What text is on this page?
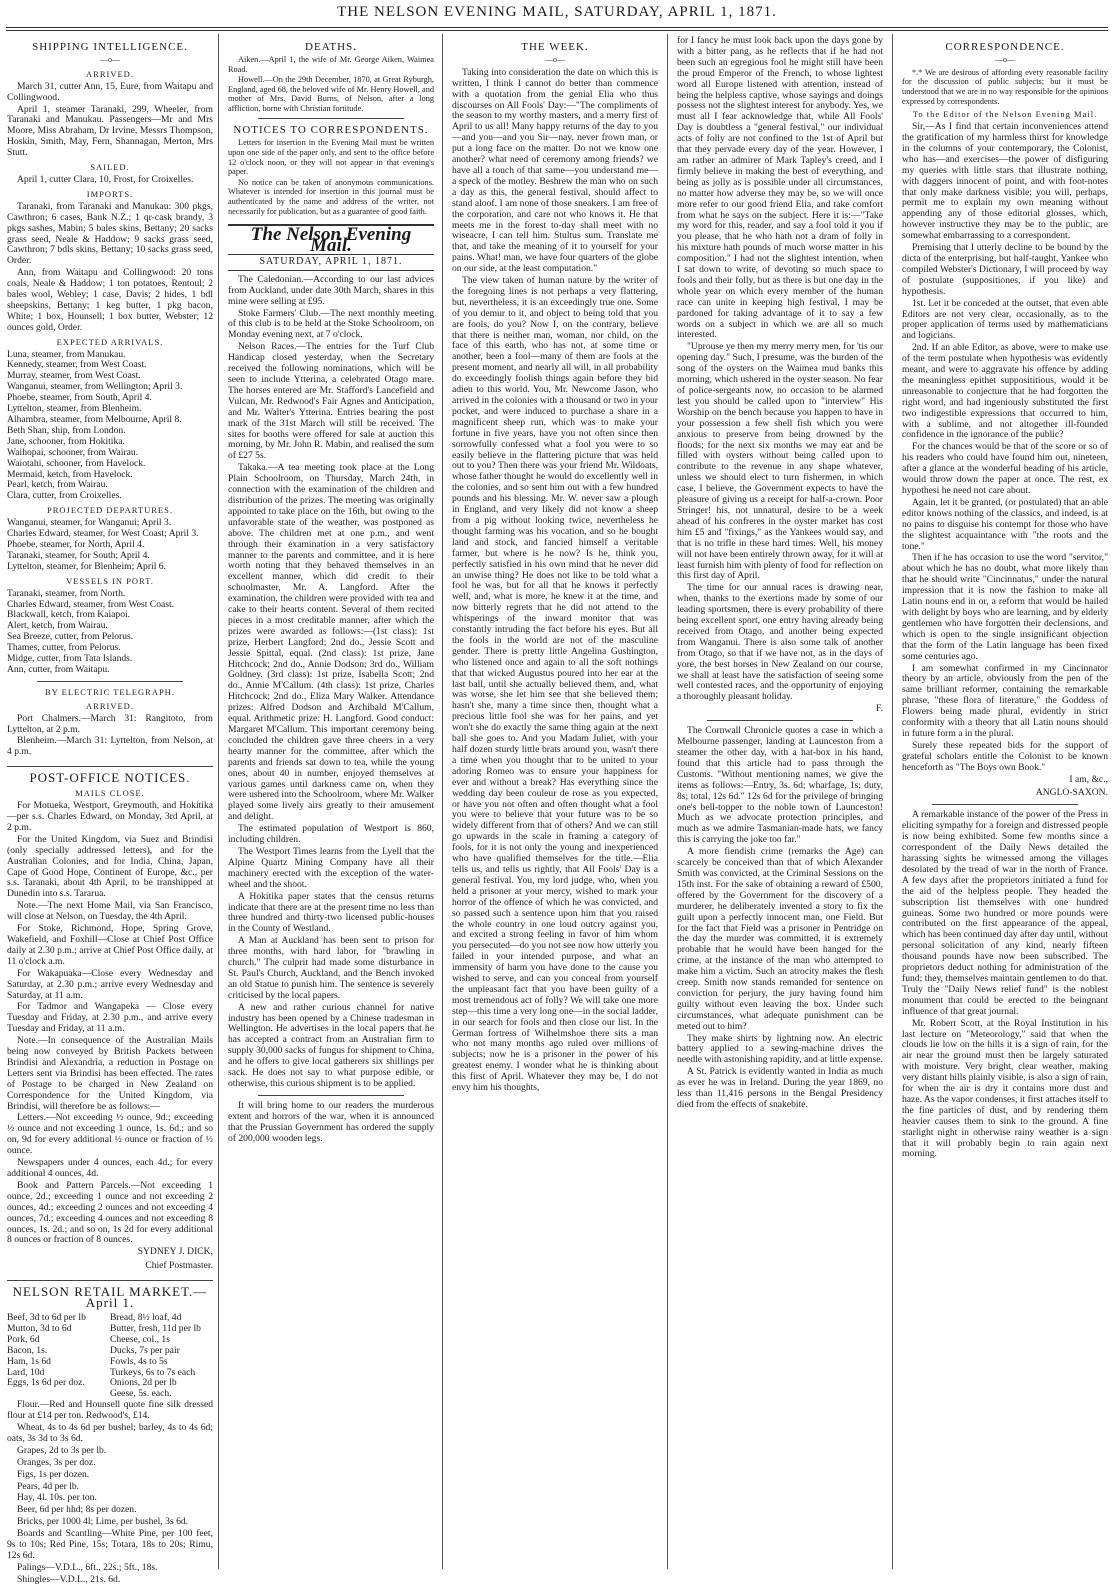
THE NELSON EVENING MAIL, SATURDAY, APRIL 1, 1871.
SHIPPING INTELLIGENCE.
—o—
ARRIVED.
March 31, cutter Ann, 15, Eure, from Waitapu and Collingwood.
April 1, steamer Taranaki, 299, Wheeler, from Taranaki and Manukau. Passengers—Mr and Mrs Moore, Miss Abraham, Dr Irvine, Messrs Thompson, Hoskin, Smith, May, Fern, Shannagan, Merton, Mrs Stutt.
SAILED.
April 1, cutter Clara, 10, Frost, for Croixelles.
IMPORTS.
Taranaki, from Taranaki and Manukau: 300 pkgs, Cawthron; 6 cases, Bank N.Z.; 1 qr-cask brandy, 3 pkgs sashes, Mabin; 5 bales skins, Bettany; 20 sacks grass seed, Neale & Haddow; 9 sacks grass seed, Cawthron; 7 bdls skins, Bettany; 10 sacks grass seed, Order.
Ann, from Waitapu and Collingwood: 20 tons coals, Neale & Haddow; 1 ton potatoes, Rentoul; 2 bales wool, Webley; 1 case, Davis; 2 hides, 1 bdl sheepskins, Bettany; 1 keg butter, 1 pkg bacon, White; 1 box, Hounsell; 1 box butter, Webster; 12 ounces gold, Order.
EXPECTED ARRIVALS.
Luna, steamer, from Manukau.
Kennedy, steamer, from West Coast.
Murray, steamer, from West Coast.
Wanganui, steamer, from Wellington; April 3.
Phoebe, steamer, from South, April 4.
Lyttelton, steamer, from Blenheim.
Alhambra, steamer, from Melbourne, April 8.
Beth Shan, ship, from London.
Jane, schooner, from Hokitika.
Waihopai, schooner, from Wairau.
Waiotahi, schooner, from Havelock.
Mermaid, ketch, from Havelock.
Pearl, ketch, from Wairau.
Clara, cutter, from Croixelles.
PROJECTED DEPARTURES.
Wanganui, steamer, for Wanganui; April 3.
Charles Edward, steamer, for West Coast; April 3.
Phoebe, steamer, for North, April 4.
Taranaki, steamer, for South; April 4.
Lyttelton, steamer, for Blenheim; April 6.
VESSELS IN PORT.
Taranaki, steamer, from North.
Charles Edward, steamer, from West Coast.
Blackwall, ketch, from Kaiapoi.
Alert, ketch, from Wairau.
Sea Breeze, cutter, from Pelorus.
Thames, cutter, from Pelorus.
Midge, cutter, from Tata Islands.
Ann, cutter, from Waitapu.
BY ELECTRIC TELEGRAPH.
ARRIVED.
Port Chalmers.—March 31: Rangitoto, from Lyttelton, at 2 p.m.
Blenheim.—March 31: Lyttelton, from Nelson, at 4 p.m.
POST-OFFICE NOTICES.
MAILS CLOSE.
For Motueka, Westport, Greymouth, and Hokitika—per s.s. Charles Edward, on Monday, 3rd April, at 2 p.m.
For the United Kingdom, via Suez and Brindisi (only specially addressed letters), and for the Australian Colonies, and for India, China, Japan, Cape of Good Hope, Continent of Europe, &c., per s.s. Taranaki, about 4th April, to be transhipped at Dunedin into s.s. Tararua.
Note.—The next Home Mail, via San Francisco, will close at Nelson, on Tuesday, the 4th April.
For Stoke, Richmond, Hope, Spring Grove, Wakefield, and Foxhill—Close at Chief Post Office daily at 2.30 p.m.; arrive at Chief Post Office daily, at 11 o'clock a.m.
For Wakapuaka—Close every Wednesday and Saturday, at 2.30 p.m.; arrive every Wednesday and Saturday, at 11 a.m.
For Tadmor and Wangapeka — Close every Tuesday and Friday, at 2.30 p.m., and arrive every Tuesday and Friday, at 11 a.m.
Note.—In consequence of the Australian Mails being now conveyed by British Packets between Brindisi and Alexandria, a reduction in Postage on Letters sent via Brindisi has been effected. The rates of Postage to be charged in New Zealand on Correspondence for the United Kingdom, via Brindisi, will therefore be as follows:—
Letters.—Not exceeding ½ ounce, 9d.; exceeding ½ ounce and not exceeding 1 ounce, 1s. 6d.; and so on, 9d for every additional ½ ounce or fraction of ½ ounce.
Newspapers under 4 ounces, each 4d.; for every additional 4 ounces, 4d.
Book and Pattern Parcels.—Not exceeding 1 ounce, 2d.; exceeding 1 ounce and not exceeding 2 ounces, 4d.; exceeding 2 ounces and not exceeding 4 ounces, 7d.; exceeding 4 ounces and not exceeding 8 ounces, 1s. 2d.; and so on, 1s 2d for every additional 8 ounces or fraction of 8 ounces.
SYDNEY J. DICK,
Chief Postmaster.
NELSON RETAIL MARKET.—April 1.
Beef, 3d to 6d per lb
Mutton, 3d to 6d
Pork, 6d
Bacon, 1s.
Ham, 1s 6d
Lard, 10d
Eggs, 1s 6d per doz.
Bread, 8½ loaf, 4d
Butter, fresh, 11d per lb
Cheese, col., 1s
Ducks, 7s per pair
Fowls, 4s to 5s
Turkeys, 6s to 7s each
Onions, 2d per lb
Geese, 5s. each.
Flour.—Red and Hounsell quote fine silk dressed flour at £14 per ton. Redwood's, £14.
Wheat, 4s to 4s 6d per bushel; barley, 4s to 4s 6d; oats, 3s 3d to 3s 6d.
Grapes, 2d to 3s per lb.
Oranges, 3s per doz.
Figs, 1s per dozen.
Pears, 4d per lb.
Hay, 4l. 10s. per ton.
Beer, 6d per hhd; 8s per dozen.
Bricks, per 1000 4l; Lime, per bushel, 3s 6d.
Boards and Scantling—White Pine, per 100 feet, 9s to 10s; Red Pine, 15s; Totara, 18s to 20s; Rimu, 12s 6d.
Palings—V.D.L., 6ft., 22s.; 5ft., 18s.
Shingles—V.D.L., 21s. 6d.
DEATHS.
Aiken.—April 1, the wife of Mr. George Aiken, Waimea Road.
Howell.—On the 29th December, 1870, at Great Ryburgh, England, aged 68, the beloved wife of Mr. Henry Howell, and mother of Mrs. David Burns, of Nelson, after a long affliction, borne with Christian fortitude.
NOTICES TO CORRESPONDENTS.
Letters for insertion in the Evening Mail must be written upon one side of the paper only, and sent to the office before 12 o'clock noon, or they will not appear in that evening's paper.
No notice can be taken of anonymous communications. Whatever is intended for insertion in this journal must be authenticated by the name and address of the writer, not necessarily for publication, but as a guarantee of good faith.
The Nelson Evening Mail.
SATURDAY, APRIL 1, 1871.
The Caledonian.—According to our last advices from Auckland, under date 30th March, shares in this mine were selling at £95.
Stoke Farmers' Club.—The next monthly meeting of this club is to be held at the Stoke Schoolroom, on Monday evening next, at 7 o'clock.
Nelson Races.—The entries for the Turf Club Handicap closed yesterday, when the Secretary received the following nominations, which will be seen to include Ytterina, a celebrated Otago mare. The horses entered are Mr. Stafford's Lancefield and Vulcan, Mr. Redwood's Fair Agnes and Anticipation, and Mr. Walter's Ytterina. Entries bearing the post mark of the 31st March will still be received. The sites for booths were offered for sale at auction this morning, by Mr. John R. Mabin, and realised the sum of £27 5s.
Takaka.—A tea meeting took place at the Long Plain Schoolroom, on Thursday, March 24th, in connection with the examination of the children and distribution of the prizes. The meeting was originally appointed to take place on the 16th, but owing to the unfavorable state of the weather, was postponed as above. The children met at one p.m., and went through their examination in a very satisfactory manner to the parents and committee, and it is here worth noting that they behaved themselves in an excellent manner, which did credit to their schoolmaster, Mr. A. Langford. After the examination, the children were provided with tea and cake to their hearts content. Several of them recited pieces in a most creditable manner, after which the prizes were awarded as follows:—(1st class): 1st prize, Herbert Langford; 2nd do., Jessie Scott and Jessie Spittal, equal. (2nd class): 1st prize, Jane Hitchcock; 2nd do., Annie Dodson; 3rd do., William Goldney. (3rd class): 1st prize, Isabella Scott; 2nd do., Annie M'Callum. (4th class): 1st prize, Charles Hitchcock; 2nd do., Eliza Mary Walker. Attendance prizes: Alfred Dodson and Archibald M'Callum, equal. Arithmetic prize: H. Langford. Good conduct: Margaret M'Callum. This important ceremony being concluded the children gave three cheers in a very hearty manner for the committee, after which the parents and friends sat down to tea, while the young ones, about 40 in number, enjoyed themselves at various games until darkness came on, when they were ushered into the Schoolroom, where Mr. Walker played some lively airs greatly to their amusement and delight.
The estimated population of Westport is 860, including children.
The Westport Times learns from the Lyell that the Alpine Quartz Mining Company have all their machinery erected with the exception of the water-wheel and the shoot.
A Hokitika paper states that the census returns indicate that there are at the present time no less than three hundred and thirty-two licensed public-houses in the County of Westland.
A Man at Auckland has been sent to prison for three months, with hard labor, for "brawling in church." The culprit had made some disturbance in St. Paul's Church, Auckland, and the Bench invoked an old Statue to punish him. The sentence is severely criticised by the local papers.
A new and rather curious channel for native industry has been opened by a Chinese tradesman in Wellington. He advertises in the local papers that he has accepted a contract from an Australian firm to supply 30,000 sacks of fungus for shipment to China, and he offers to give local gatherers six shillings per sack. He does not say to what purpose edible, or otherwise, this curious shipment is to be applied.
It will bring home to our readers the murderous extent and horrors of the war, when it is announced that the Prussian Government has ordered the supply of 200,000 wooden legs.
THE WEEK.
—o—
Taking into consideration the date on which this is written, I think I cannot do better than commence with a quotation from the genial Elia who thus discourses on All Fools' Day:—"The compliments of the season to my worthy masters, and a merry first of April to us all! Many happy returns of the day to you—and you—and you Sir—nay, never frown man, or put a long face on the matter. Do not we know one another? what need of ceremony among friends? we have all a touch of that same—you understand me—a speck of the motley. Beshrew the man who on such a day as this, the general festival, should affect to stand aloof. I am none of those sneakers. I am free of the corporation, and care not who knows it. He that meets me in the forest to-day shall meet with no wiseacre, I can tell him. Stultus sum. Translate me that, and take the meaning of it to yourself for your pains. What! man, we have four quarters of the globe on our side, at the least computation."
The view taken of human nature by the writer of the foregoing lines is not perhaps a very flattering, but, nevertheless, it is an exceedingly true one. Some of you demur to it, and object to being told that you are fools, do you? Now I, on the contrary, believe that there is neither man, woman, nor child, on the face of this earth, who has not, at some time or another, been a fool—many of them are fools at the present moment, and nearly all will, in all probability do exceedingly foolish things again before they bid adieu to this world. You, Mr. Newcome Jason, who arrived in the colonies with a thousand or two in your pocket, and were induced to purchase a share in a magnificent sheep run, which was to make your fortune in five years, have you not often since then sorrowfully confessed what a fool you were to so easily believe in the flattering picture that was held out to you? Then there was your friend Mr. Wildoats, whose father thought he would do excellently well in the colonies, and so sent him out with a few hundred pounds and his blessing. Mr. W. never saw a plough in England, and very likely did not know a sheep from a pig without looking twice, nevertheless he thought farming was his vocation, and so he bought land and stock, and fancied himself a veritable farmer, but where is he now? Is he, think you, perfectly satisfied in his own mind that he never did an unwise thing? He does not like to be told what a fool he was, but for all that he knows it perfectly well, and, what is more, he knew it at the time, and now bitterly regrets that he did not attend to the whisperings of the inward monitor that was constantly intruding the fact before his eyes. But all the fools in the world are not of the masculine gender. There is pretty little Angelina Gushington, who listened once and again to all the soft nothings that that wicked Augustus poured into her ear at the last ball, until she actually believed them, and, what was worse, she let him see that she believed them; hasn't she, many a time since then, thought what a precious little fool she was for her pains, and yet won't she do exactly the same thing again at the next ball she goes to. And you Madam Juliet, with your half dozen sturdy little brats around you, wasn't there a time when you thought that to be united to your adoring Romeo was to ensure your happiness for ever and without a break? Has everything since the wedding day been couleur de rose as you expected, or have you not often and often thought what a fool you were to believe that your future was to be so widely different from that of others? And we can still go upwards in the scale in framing a category of fools, for it is not only the young and inexperienced who have qualified themselves for the title.—Elia tells us, and tells us rightly, that All Fools' Day is a general festival. You, my lord judge, who, when you held a prisoner at your mercy, wished to mark your horror of the offence of which he was convicted, and so passed such a sentence upon him that you raised the whole country in one loud outcry against you, and excited a strong feeling in favor of him whom you persecuted—do you not see now how utterly you failed in your intended purpose, and what an immensity of harm you have done to the cause you wished to serve, and can you conceal from yourself the unpleasant fact that you have been guilty of a most tremendous act of folly? We will take one more step—this time a very long one—in the social ladder, in our search for fools and then close our list. In the German fortress of Wilhelmshoe there sits a man who not many months ago ruled over millions of subjects; now he is a prisoner in the power of his greatest enemy. I wonder what he is thinking about this first of April. Whatever they may be, I do not envy him his thoughts,
for I fancy he must look back upon the days gone by with a bitter pang, as he reflects that if he had not been such an egregious fool he might still have been the proud Emperor of the French, to whose lightest word all Europe listened with attention, instead of being the helpless captive, whose sayings and doings possess not the slightest interest for anybody. Yes, we must all I fear acknowledge that, while All Fools' Day is doubtless a "general festival," our individual acts of folly are not confined to the 1st of April but that they pervade every day of the year. However, I am rather an admirer of Mark Tapley's creed, and I firmly believe in making the best of everything, and being as jolly as is possible under all circumstances, no matter how adverse they may be, so we will once more refer to our good friend Elia, and take comfort from what he says on the subject. Here it is:—"Take my word for this, reader, and say a fool told it you if you please, that he who hath not a dram of folly in his mixture hath pounds of much worse matter in his composition." I had not the slightest intention, when I sat down to write, of devoting so much space to fools and their folly, but as there is but one day in the whole year on which every member of the human race can unite in keeping high festival, I may be pardoned for taking advantage of it to say a few words on a subject in which we are all so much interested.
"Uprouse ye then my merry merry men, for 'tis our opening day." Such, I presume, was the burden of the song of the oysters on the Waimea mud banks this morning, which ushered in the oyster season. No fear of police-sergeants now, no occasion to be alarmed lest you should be called upon to "interview" His Worship on the bench because you happen to have in your possession a few shell fish which you were anxious to preserve from being drowned by the floods; for the next six months we may eat and be filled with oysters without being called upon to contribute to the revenue in any shape whatever, unless we should elect to turn fishermen, in which case, I believe, the Government expects to have the pleasure of giving us a receipt for half-a-crown. Poor Stringer! his, not unnatural, desire to be a week ahead of his confreres in the oyster market has cost him £5 and "fixings," as the Yankees would say, and that is no trifle in these hard times. Well, his money will not have been entirely thrown away, for it will at least furnish him with plenty of food for reflection on this first day of April.
The time for our annual races is drawing near, when, thanks to the exertions made by some of our leading sportsmen, there is every probability of there being excellent sport, one entry having already being received from Otago, and another being expected from Wanganui. There is also some talk of another from Otago, so that if we have not, as in the days of yore, the best horses in New Zealand on our course, we shall at least have the satisfaction of seeing some well contested races, and the opportunity of enjoying a thoroughly pleasant holiday.
F.
The Cornwall Chronicle quotes a case in which a Melbourne passenger, landing at Launceston from a steamer the other day, with a hat-box in his hand, found that this article had to pass through the Customs. "Without mentioning names, we give the items as follows:—Entry, 3s. 6d; wharfage, 1s; duty, 8s; total, 12s 6d." 12s 6d for the privilege of bringing one's bell-topper to the noble town of Launceston! Much as we advocate protection principles, and much as we admire Tasmanian-made hats, we fancy this is carrying the joke too far."
A more fiendish crime (remarks the Age) can scarcely be conceived than that of which Alexander Smith was convicted, at the Criminal Sessions on the 15th inst. For the sake of obtaining a reward of £500, offered by the Government for the discovery of a murderer, he deliberately invented a story to fix the guilt upon a perfectly innocent man, one Field. But for the fact that Field was a prisoner in Pentridge on the day the murder was committed, it is extremely probable that he would have been hanged for the crime, at the instance of the man who attempted to make him a victim. Such an atrocity makes the flesh creep. Smith now stands remanded for sentence on conviction for perjury, the jury having found him guilty without even leaving the box. Under such circumstances, what adequate punishment can be meted out to him?
They make shirts by lightning now. An electric battery applied to a sewing-machine drives the needle with astonishing rapidity, and at little expense.
A St. Patrick is evidently wanted in India as much as ever he was in Ireland. During the year 1869, no less than 11,416 persons in the Bengal Presidency died from the effects of snakebite.
CORRESPONDENCE.
—o—
*.* We are desirous of affording every reasonable facility for the discussion of public subjects; but it must be understood that we are in no way responsible for the opinions expressed by correspondents.
To the Editor of the Nelson Evening Mail.
Sir,—As I find that certain inconveniences attend the gratification of my harmless thirst for knowledge in the columns of your contemporary, the Colonist, who has—and exercises—the power of disfiguring my queries with little stars that illustrate nothing, with daggers innocent of point, and with foot-notes that only make darkness visible; you will, perhaps, permit me to explain my own meaning without appending any of those editorial glosses, which, however instructive they may be to the public, are somewhat embarrassing to a correspondent.
Premising that I utterly decline to be bound by the dicta of the enterprising, but half-taught, Yankee who compiled Webster's Dictionary, I will proceed by way of postulate (suppositiones, if you like) and hypothesis.
1st. Let it be conceded at the outset, that even able Editors are not very clear, occasionally, as to the proper application of terms used by mathematicians and logicians.
2nd. If an able Editor, as above, were to make use of the term postulate when hypothesis was evidently meant, and were to aggravate his offence by adding the meaningless epithet supposititious, would it be unreasonable to conjecture that he had forgotten the right word, and had ingeniously substituted the first two indigestible expressions that occurred to him, with a sublime, and not altogether ill-founded confidence in the ignorance of the public?
For the chances would be that of the score or so of his readers who could have found him out, nineteen, after a glance at the wonderful heading of his article, would throw down the paper at once. The rest, ex hypothesi he need not care about.
Again, let it be granted, (or postulated) that an able editor knows nothing of the classics, and indeed, is at no pains to disguise his contempt for those who have the slightest acquaintance with "the roots and the tone."
Then if he has occasion to use the word "servitor," about which he has no doubt, what more likely than that he should write "Cincinnatus," under the natural impression that it is now the fashion to make all Latin nouns end in or, a reform that would be hailed with delight by boys who are learning, and by elderly gentlemen who have forgotten their declensions, and which is open to the single insignificant objection that the form of the Latin language has been fixed some centuries ago.
I am somewhat confirmed in my Cincinnator theory by an article, obviously from the pen of the same brilliant reformer, containing the remarkable phrase, "these flora of literature," the Goddess of Flowers being made plural, evidently in strict conformity with a theory that all Latin nouns should in future form a in the plural.
Surely these repeated bids for the support of grateful scholars entitle the Colonist to be known henceforth as "The Boys own Book."
I am, &c.,
ANGLO-SAXON.
A remarkable instance of the power of the Press in eliciting sympathy for a foreign and distressed people is now being exhibited. Some few months since a correspondent of the Daily News detailed the harassing sights he witnessed among the villages desolated by the tread of war in the north of France. A few days after the proprietors initiated a fund for the aid of the helpless people. They headed the subscription list themselves with one hundred guineas. Some two hundred or more pounds were contributed on the first appearance of the appeal, which has been continued day after day until, without personal solicitation of any kind, nearly fifteen thousand pounds have now been subscribed. The proprietors deduct nothing for administration of the fund; they, themselves maintain gentlemen to do that. Truly the "Daily News relief fund" is the noblest monument that could be erected to the beingnant influence of that great journal.
Mr. Robert Scott, at the Royal Institution in his last lecture on "Meteorology," said that when the clouds lie low on the hills it is a sign of rain, for the air near the ground must then be largely saturated with moisture. Very bright, clear weather, making very distant hills plainly visible, is also a sign of rain, for when the air is dry it contains more dust and haze. As the vapor condenses, it first attaches itself to the fine particles of dust, and by rendering them heavier causes them to sink to the ground. A fine starlight night in otherwise rainy weather is a sign that it will probably begin to rain again next morning.
